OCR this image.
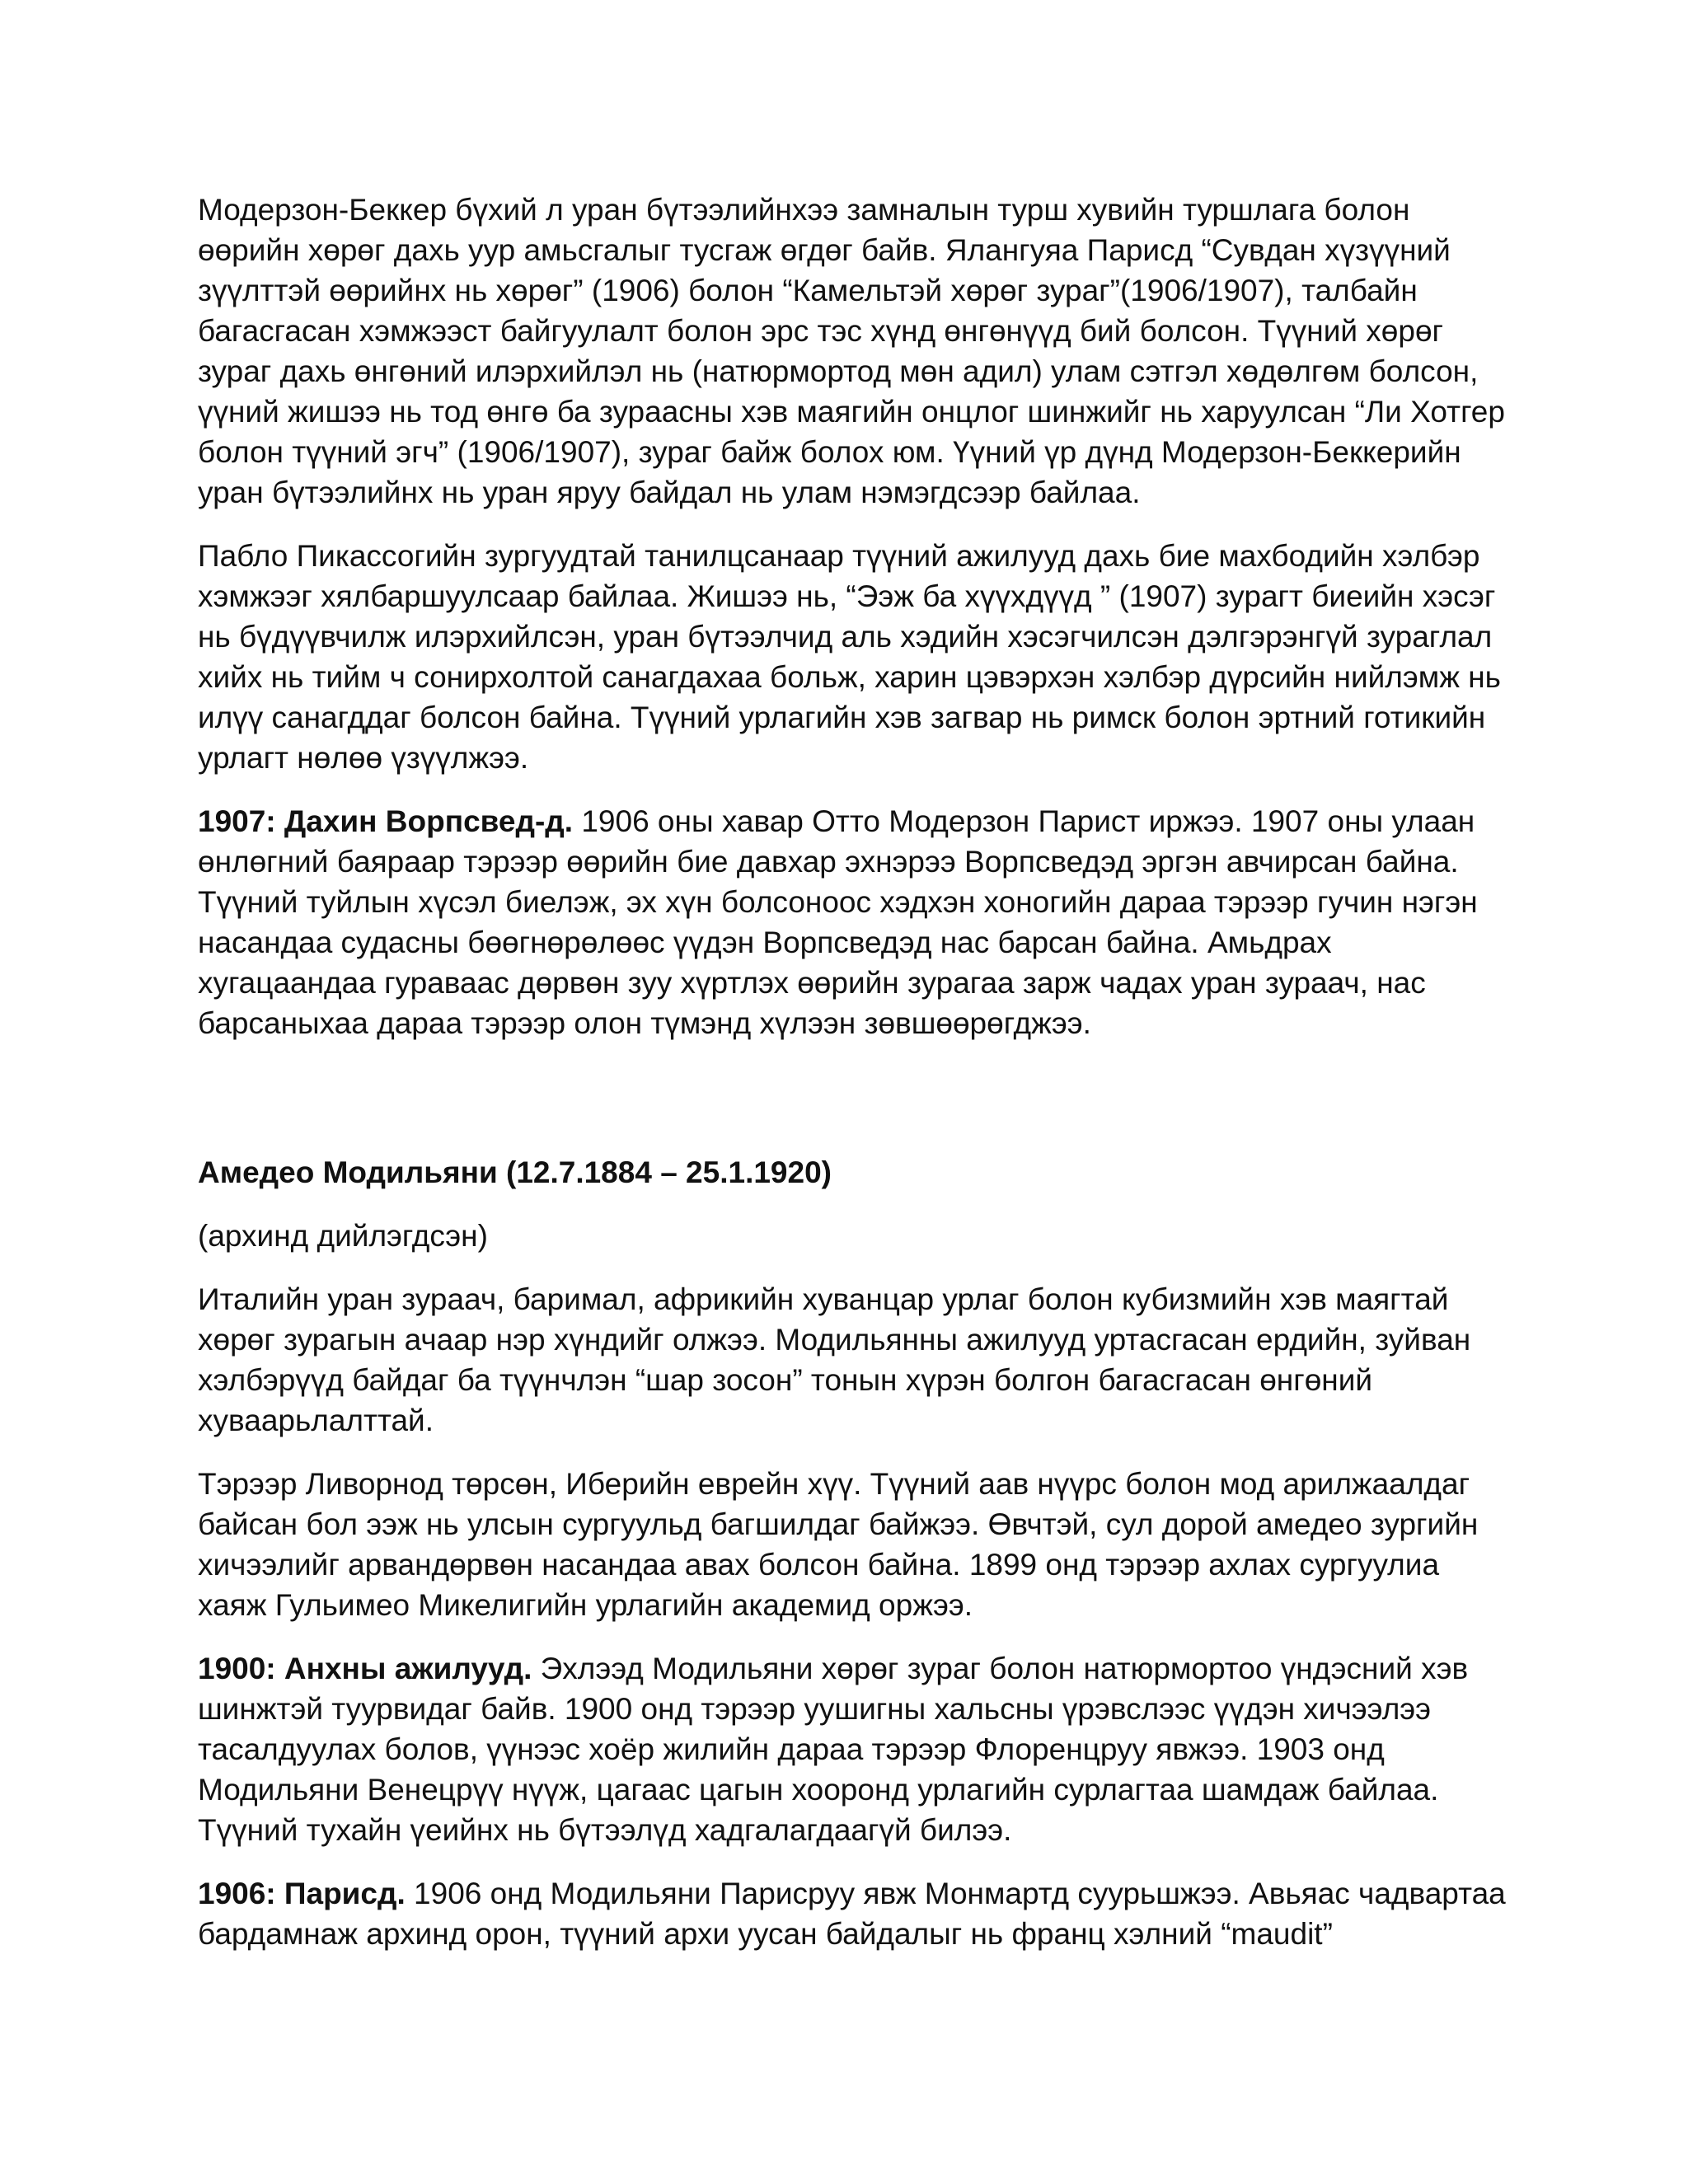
Модерзон-Беккер бүхий л уран бүтээлийнхээ замналын турш хувийн туршлага болон өөрийн хөрөг дахь уур амьсгалыг тусгаж өгдөг байв. Ялангуяа Парисд “Сувдан хүзүүний зүүлттэй өөрийнх нь хөрөг” (1906) болон “Камельтэй хөрөг зураг”(1906/1907), талбайн багасгасан хэмжээст байгуулалт болон эрс тэс хүнд өнгөнүүд бий болсон. Түүний хөрөг зураг дахь өнгөний илэрхийлэл нь (натюрмортод мөн адил) улам сэтгэл хөдөлгөм болсон, үүний жишээ нь тод өнгө ба зураасны хэв маягийн онцлог шинжийг нь харуулсан “Ли Хотгер болон түүний эгч” (1906/1907), зураг байж болох юм. Үүний үр дүнд Модерзон-Беккерийн уран бүтээлийнх нь уран яруу байдал нь улам нэмэгдсээр байлаа.

Пабло Пикассогийн зургуудтай танилцсанаар түүний ажилууд дахь бие махбодийн хэлбэр хэмжээг хялбаршуулсаар байлаа. Жишээ нь, “Ээж ба хүүхдүүд ” (1907) зурагт биеийн хэсэг нь бүдүүвчилж илэрхийлсэн, уран бүтээлчид аль хэдийн хэсэгчилсэн дэлгэрэнгүй зураглал хийх нь тийм ч сонирхолтой санагдахаа больж, харин цэвэрхэн хэлбэр дүрсийн нийлэмж нь илүү санагддаг болсон байна. Түүний урлагийн хэв загвар нь римск болон эртний готикийн урлагт нөлөө үзүүлжээ.

1907: Дахин Ворпсвед-д. 1906 оны хавар Отто Модерзон Парист иржээ. 1907 оны улаан өнлөгний баяраар тэрээр өөрийн бие давхар эхнэрээ Ворпсведэд эргэн авчирсан байна. Түүний туйлын хүсэл биелэж, эх хүн болсоноос хэдхэн хоногийн дараа тэрээр гучин нэгэн насандаа судасны бөөгнөрөлөөс үүдэн Ворпсведэд нас барсан байна. Амьдрах хугацаандаа гураваас дөрвөн зуу хүртлэх өөрийн зурагаа зарж чадах уран зураач, нас барсаныхаа дараа тэрээр олон түмэнд хүлээн зөвшөөрөгджээ.

Амедео Модильяни (12.7.1884 – 25.1.1920)

(архинд дийлэгдсэн)

Италийн уран зураач, баримал, африкийн хуванцар урлаг болон кубизмийн хэв маягтай хөрөг зурагын ачаар нэр хүндийг олжээ. Модильянны ажилууд уртасгасан ердийн, зуйван хэлбэрүүд байдаг ба түүнчлэн “шар зосон” тонын хүрэн болгон багасгасан өнгөний хуваарьлалттай.

Тэрээр Ливорнод төрсөн, Иберийн еврейн хүү. Түүний аав нүүрс болон мод арилжаалдаг байсан бол ээж нь улсын сургуульд багшилдаг байжээ. Өвчтэй, сул дорой амедео зургийн хичээлийг арвандөрвөн насандаа авах болсон байна. 1899 онд тэрээр ахлах сургуулиа хаяж Гульимео Микелигийн урлагийн академид оржээ.

1900: Анхны ажилууд. Эхлээд Модильяни хөрөг зураг болон натюрмортоо үндэсний хэв шинжтэй туурвидаг байв. 1900 онд тэрээр уушигны хальсны үрэвслээс үүдэн хичээлээ тасалдуулах болов, үүнээс хоёр жилийн дараа тэрээр Флоренцруу явжээ. 1903 онд Модильяни Венецрүү нүүж, цагаас цагын хооронд урлагийн сурлагтаа шамдаж байлаа. Түүний тухайн үеийнх нь бүтээлүд хадгалагдаагүй билээ.

1906: Парисд. 1906 онд Модильяни Парисруу явж Монмартд суурьшжээ. Авьяас чадвартаа бардамнаж архинд орон, түүний архи уусан байдалыг нь франц хэлний “maudit”
